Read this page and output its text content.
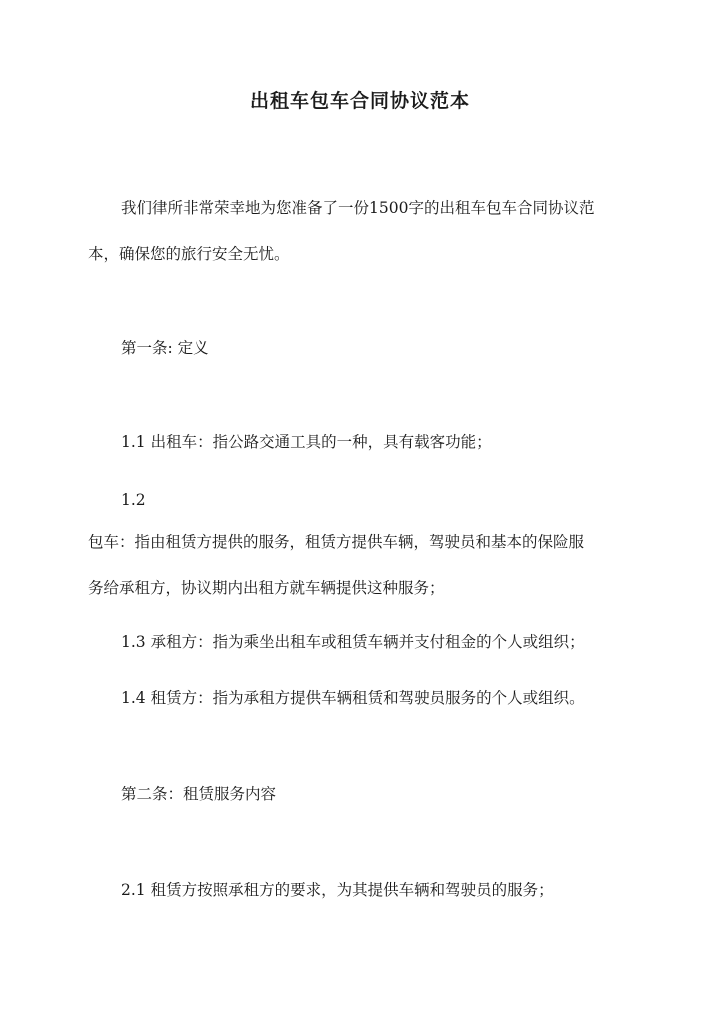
出租车包车合同协议范本
我们律所非常荣幸地为您准备了一份1500字的出租车包车合同协议范
本，确保您的旅行安全无忧。
第一条: 定义
1.1 出租车：指公路交通工具的一种，具有载客功能；
1.2
包车：指由租赁方提供的服务，租赁方提供车辆，驾驶员和基本的保险服
务给承租方，协议期内出租方就车辆提供这种服务；
1.3 承租方：指为乘坐出租车或租赁车辆并支付租金的个人或组织；
1.4 租赁方：指为承租方提供车辆租赁和驾驶员服务的个人或组织。
第二条：租赁服务内容
2.1 租赁方按照承租方的要求，为其提供车辆和驾驶员的服务；
